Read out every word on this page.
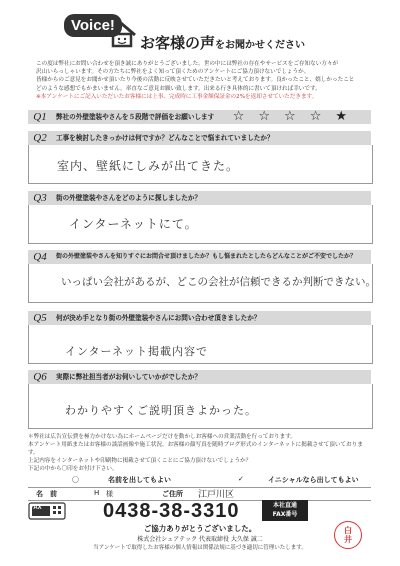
Voice!
お客様の声をお聞かせください
この度は弊社にお問い合わせを頂き誠にありがとうございました。世の中には弊社の存在やサービスをご存知ない方々が
沢山いらっしゃいます。その方たちに弊社をよく知って頂くためのアンケートにご協力頂けないでしょうか。
皆様からのご意見をお聞かせ頂いたり今後の活動に反映させていただきたいと考えております。良かったこと、嬉しかったこと
どのような感想でもかまいません。率直なご意見お願い致します。出来る行き具体的に書いて頂ければ幸いです。
※本アンケートにご記入いただいたお客様には上事、完成時に工事金額保証金の2%を返却させていただきます。
Q1	弊社の外壁塗装やさんを５段階で評価をお願いします ☆☆☆☆★
Q2	工事を検討したきっかけは何ですか？どんなことで悩まれていましたか？
室内、壁紙にしみが出てきた。
Q3	街の外壁塗装やさんをどのように探しましたか？
インターネットにて。
Q4	街の外壁塗装やさんを知りすぐにお問合せ頂けましたか？もし悩まれたとしたらどんなことがご不安でしたか？
いっぱい会社があるが、どこの会社が信頼できるか判断できない。
Q5	何が決め手となり街の外壁塗装やさんにお問い合わせ頂きましたか？
インターネット掲載内容で
Q6	実際に弊社担当者がお伺いしていかがでしたか？
わかりやすくご説明頂きよかった。
＊弊社は広告宣伝費を極力かけない為にホームページだけを動かしお客様への営業活動を行っております。
本アンケート用紙またはお客様の談話画像や施工状況、お客様の顔写真を随時ブログ形式のインターネットに掲載させて頂いております。
上記内容をインターネットや印刷物に掲載させて頂くことにご協力頂けないでしょうか？
下記の中から〇印をお付け下さい。
〇	名前を出してもよい	✓	イニシャルなら出してもよい
名　前	H 様	ご住所 江戸川区
FAX	0438-38-3310	本社直通
FAX番号
ご協力ありがとうございました。
株式会社シェアテック 代表取締役 大久保 誠二
当アンケートで取得したお客様の個人情報は関係法規に基づき適切に管理いたします。
白井
